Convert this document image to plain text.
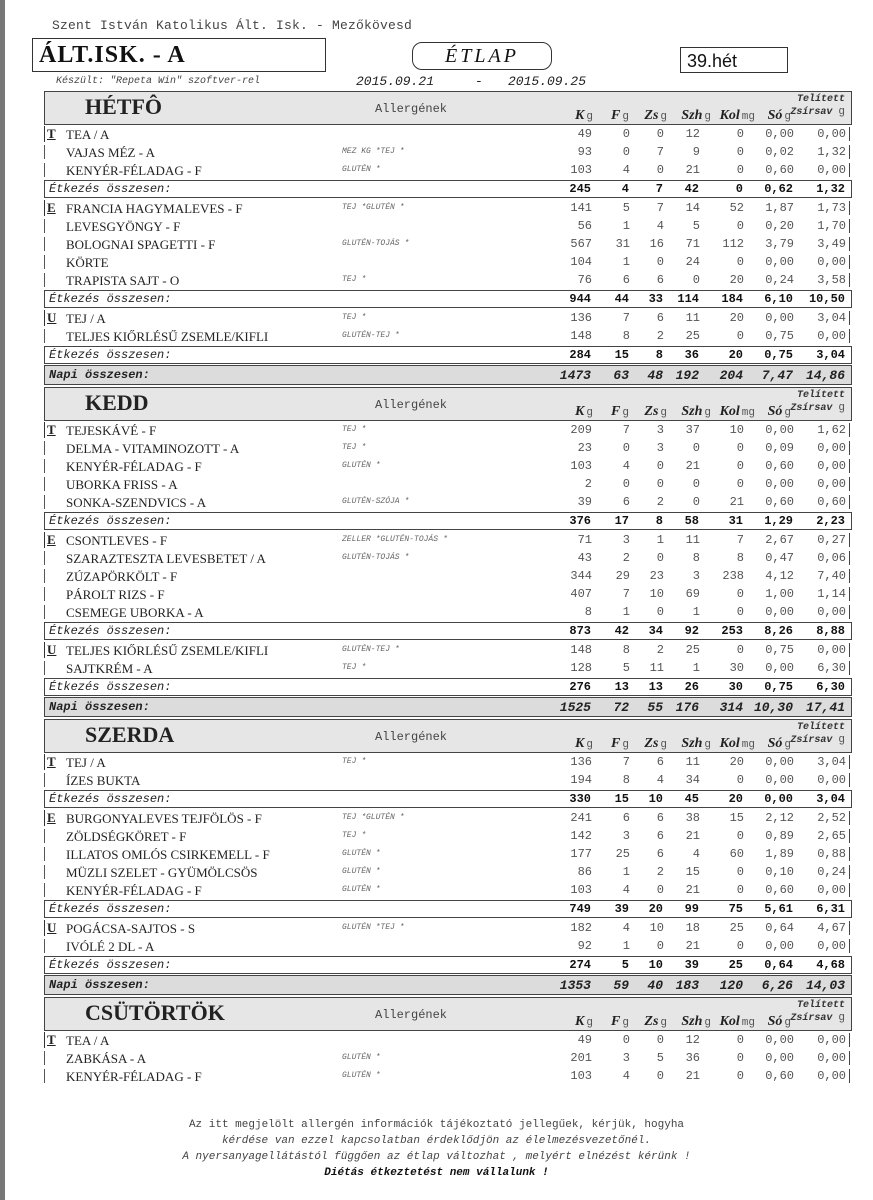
Szent István Katolikus Ált. Isk. - Mezőkövesd
ÁLT.ISK. - A	ÉTLAP	39.hét
Készült: "Repeta Win" szoftver-rel	2015.09.21	- 2015.09.25
HÉTFÔ	Allergének	K g F g Zs g Szh g Kol mg Só g
Telített
Zsírsav g
T TEA / A	49	0 0 12	0 0,00 0,00
VAJAS MÉZ - A	MEZ KG *TEJ *	93	0 7 9	0 0,02 1,32
KENYÉR-FÉLADAG - F	GLUTÉN *	103	4 0 21	0 0,60 0,00
Étkezés összesen:	245	4 7 42	0 0,62 1,32
E FRANCIA HAGYMALEVES - F	TEJ *GLUTÉN *	141	5 7 14 52 1,87 1,73
LEVESGYÖNGY - F	56	1 4 5	0 0,20 1,70
BOLOGNAI SPAGETTI - F	GLUTÉN-TOJÁS *	567 31 16 71 112 3,79 3,49
KÖRTE	104	1 0 24	0 0,00 0,00
TRAPISTA SAJT - O	TEJ *	76	6 6 0 20 0,24 3,58
Étkezés összesen:	944 44 33 114 184 6,10 10,50
U TEJ / A	TEJ *	136	7 6 11 20 0,00 3,04
TELJES KIŐRLÉSŰ ZSEMLE/KIFLI	GLUTÉN-TEJ *	148	8 2 25	0 0,75 0,00
Étkezés összesen:	284 15 8 36 20 0,75 3,04
Napi összesen:	1473 63 48 192 204 7,47 14,86
KEDD	Allergének	K g F g Zs g Szh g Kol mg Só g
Telített
Zsírsav g
T TEJESKÁVÉ - F	TEJ *	209	7 3 37 10 0,00 1,62
DELMA - VITAMINOZOTT - A	TEJ *	23	0 3 0	0 0,09 0,00
KENYÉR-FÉLADAG - F	GLUTÉN *	103	4 0 21	0 0,60 0,00
UBORKA FRISS - A	2	0 0 0	0 0,00 0,00
SONKA-SZENDVICS - A	GLUTÉN-SZÓJA *	39	6 2 0 21 0,60 0,60
Étkezés összesen:	376 17 8 58 31 1,29 2,23
E CSONTLEVES - F	ZELLER *GLUTÉN-TOJÁS *	71	3 1 11	7 2,67 0,27
SZARAZTESZTA LEVESBETET / A	GLUTÉN-TOJÁS *	43	2 0 8	8 0,47 0,06
ZÚZAPÖRKÖLT - F	344 29 23 3 238 4,12 7,40
PÁROLT RIZS - F	407	7 10 69	0 1,00 1,14
CSEMEGE UBORKA - A	8	1 0 1	0 0,00 0,00
Étkezés összesen:	873 42 34 92 253 8,26 8,88
U TELJES KIŐRLÉSŰ ZSEMLE/KIFLI	GLUTÉN-TEJ *	148	8 2 25	0 0,75 0,00
SAJTKRÉM - A	TEJ *	128	5 11 1 30 0,00 6,30
Étkezés összesen:	276 13 13 26 30 0,75 6,30
Napi összesen:	1525 72 55 176 314 10,30 17,41
SZERDA	Allergének	K g F g Zs g Szh g Kol mg Só g
Telített
Zsírsav g
T TEJ / A	TEJ *	136	7 6 11 20 0,00 3,04
ÍZES BUKTA	194	8 4 34	0 0,00 0,00
Étkezés összesen:	330 15 10 45 20 0,00 3,04
E BURGONYALEVES TEJFÖLÖS - F	TEJ *GLUTÉN *	241	6 6 38 15 2,12 2,52
ZÖLDSÉGKÖRET - F	TEJ *	142	3 6 21	0 0,89 2,65
ILLATOS OMLÓS CSIRKEMELL - F	GLUTÉN *	177 25 6 4 60 1,89 0,88
MÜZLI SZELET - GYÜMÖLCSÖS	GLUTÉN *	86	1 2 15	0 0,10 0,24
KENYÉR-FÉLADAG - F	GLUTÉN *	103	4 0 21	0 0,60 0,00
Étkezés összesen:	749 39 20 99 75 5,61 6,31
U POGÁCSA-SAJTOS - S	GLUTÉN *TEJ *	182	4 10 18 25 0,64 4,67
IVÓLÉ 2 DL - A	92	1 0 21	0 0,00 0,00
Étkezés összesen:	274	5 10 39 25 0,64 4,68
Napi összesen:	1353 59 40 183 120 6,26 14,03
CSÜTÖRTÖK	Allergének	K g F g Zs g Szh g Kol mg Só g
Telített
Zsírsav g
T TEA / A	49	0 0 12	0 0,00 0,00
ZABKÁSA - A	GLUTÉN *	201	3 5 36	0 0,00 0,00
KENYÉR-FÉLADAG - F	GLUTÉN *	103	4 0 21	0 0,60 0,00
Az itt megjelölt allergén információk tájékoztató jellegűek, kérjük, hogyha
kérdése van ezzel kapcsolatban érdeklődjön az élelmezésvezetőnél.
A nyersanyagellátástól függően az étlap változhat , melyért elnézést kérünk !
Diétás étkeztetést nem vállalunk !
